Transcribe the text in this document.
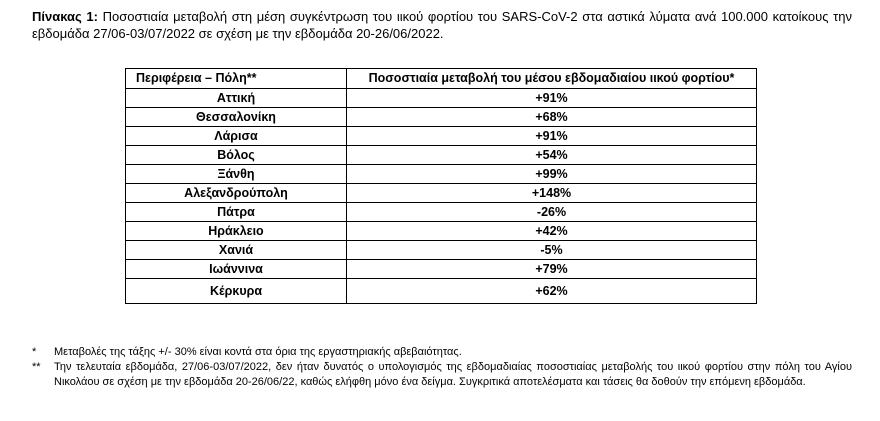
Πίνακας 1: Ποσοστιαία μεταβολή στη μέση συγκέντρωση του ιικού φορτίου του SARS-CoV-2 στα αστικά λύματα ανά 100.000 κατοίκους την εβδομάδα 27/06-03/07/2022 σε σχέση με την εβδομάδα 20-26/06/2022.
Περιφέρεια – Πόλη**	Ποσοστιαία μεταβολή του μέσου εβδομαδιαίου ιικού φορτίου*
Αττική	+91%
Θεσσαλονίκη	+68%
Λάρισα	+91%
Βόλος	+54%
Ξάνθη	+99%
Αλεξανδρούπολη	+148%
Πάτρα	-26%
Ηράκλειο	+42%
Χανιά	-5%
Ιωάννινα	+79%
Κέρκυρα	+62%
*	Μεταβολές της τάξης +/- 30% είναι κοντά στα όρια της εργαστηριακής αβεβαιότητας.
**	Την τελευταία εβδομάδα, 27/06-03/07/2022, δεν ήταν δυνατός ο υπολογισμός της εβδομαδιαίας ποσοστιαίας μεταβολής του ιικού φορτίου στην πόλη του Αγίου Νικολάου σε σχέση με την εβδομάδα 20-26/06/22, καθώς ελήφθη μόνο ένα δείγμα. Συγκριτικά αποτελέσματα και τάσεις θα δοθούν την επόμενη εβδομάδα.
